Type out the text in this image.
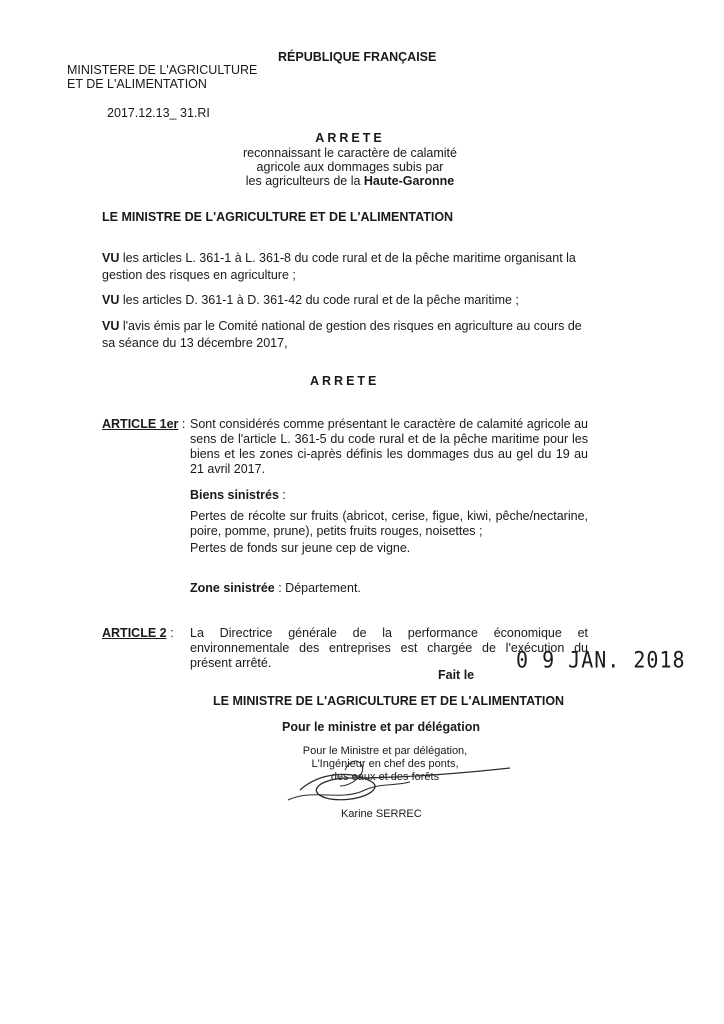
RÉPUBLIQUE FRANÇAISE
MINISTERE DE L'AGRICULTURE
ET DE L'ALIMENTATION
2017.12.13_ 31.RI
ARRETE
reconnaissant le caractère de calamité
agricole aux dommages subis par
les agriculteurs de la Haute-Garonne
LE MINISTRE DE L'AGRICULTURE ET DE L'ALIMENTATION
VU les articles L. 361-1 à L. 361-8 du code rural et de la pêche maritime organisant la gestion des risques en agriculture ;
VU les articles D. 361-1 à D. 361-42 du code rural et de la pêche maritime ;
VU l'avis émis par le Comité national de gestion des risques en agriculture au cours de sa séance du 13 décembre 2017,
ARRETE
ARTICLE 1er : Sont considérés comme présentant le caractère de calamité agricole au sens de l'article L. 361-5 du code rural et de la pêche maritime pour les biens et les zones ci-après définis les dommages dus au gel du 19 au 21 avril 2017.
Biens sinistrés :
Pertes de récolte sur fruits (abricot, cerise, figue, kiwi, pêche/nectarine, poire, pomme, prune), petits fruits rouges, noisettes ;
Pertes de fonds sur jeune cep de vigne.
Zone sinistrée : Département.
ARTICLE 2 : La Directrice générale de la performance économique et environnementale des entreprises est chargée de l'exécution du présent arrêté.	0 9 JAN. 2018
Fait le
LE MINISTRE DE L'AGRICULTURE ET DE L'ALIMENTATION
Pour le ministre et par délégation
Pour le Ministre et par délégation,
L'Ingénieur en chef des ponts,
des eaux et des forêts
Karine SERREC
